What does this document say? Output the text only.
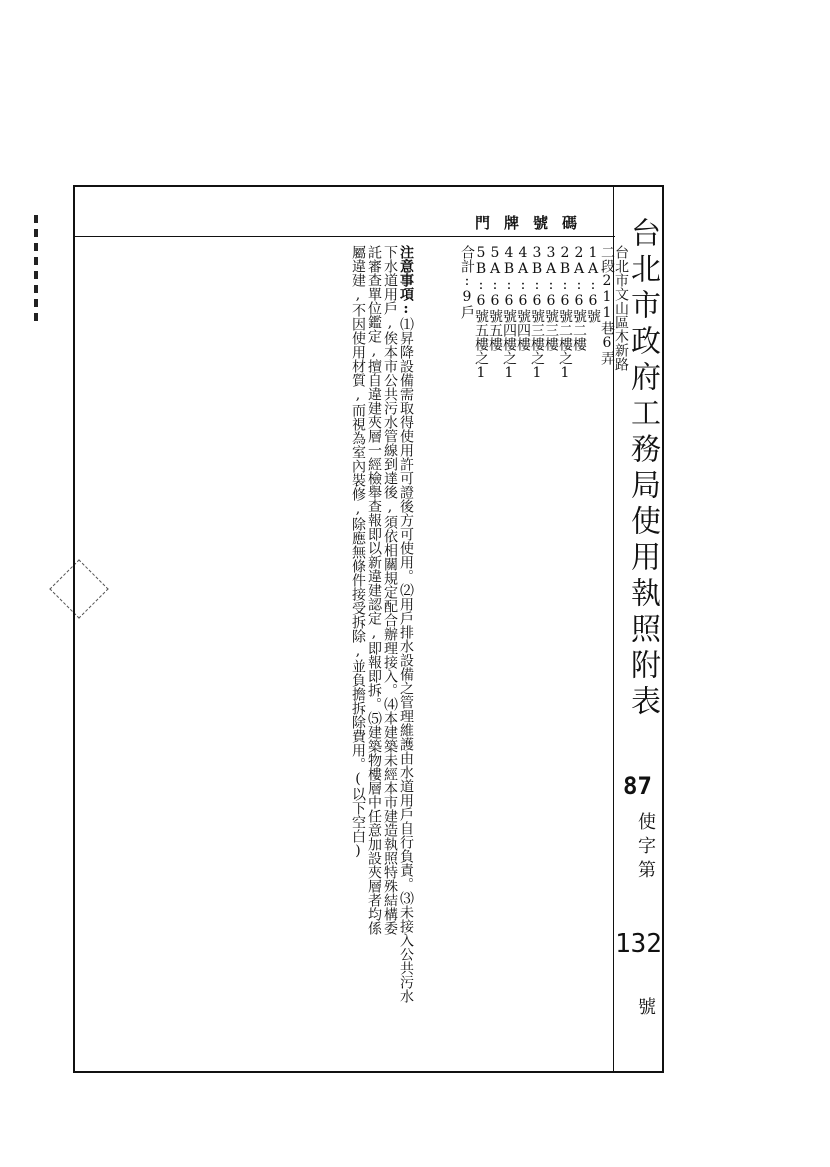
門牌號碼 台北市政府工務局使用執照附表
87
使字第
132
號
台北市文山區木新路
二段211巷6弄
1A:6號
2A:6號二樓
2B:6號二樓之1
3A:6號三樓
3B:6號三樓之1
4A:6號四樓
4B:6號四樓之1
5A:6號五樓
5B:6號五樓之1
合計:9戶
注意事項:⑴昇降設備需取得使用許可證後方可使用。⑵用戶排水設備之管理維護由水道用戶自行負責。⑶未接入公共污水
下水道用戶,俟本市公共污水管線到達後,須依相關規定配合辦理接入。⑷本建築未經本市建造執照特殊結構委
託審查單位鑑定,擅自違建夾層一經檢舉查報即以新違建認定,即報即拆。⑸建築物樓層中任意加設夾層者均係
屬違建,不因使用材質,而視為室內裝修,除應無條件接受拆除,並負擔拆除費用。(以下空白)
